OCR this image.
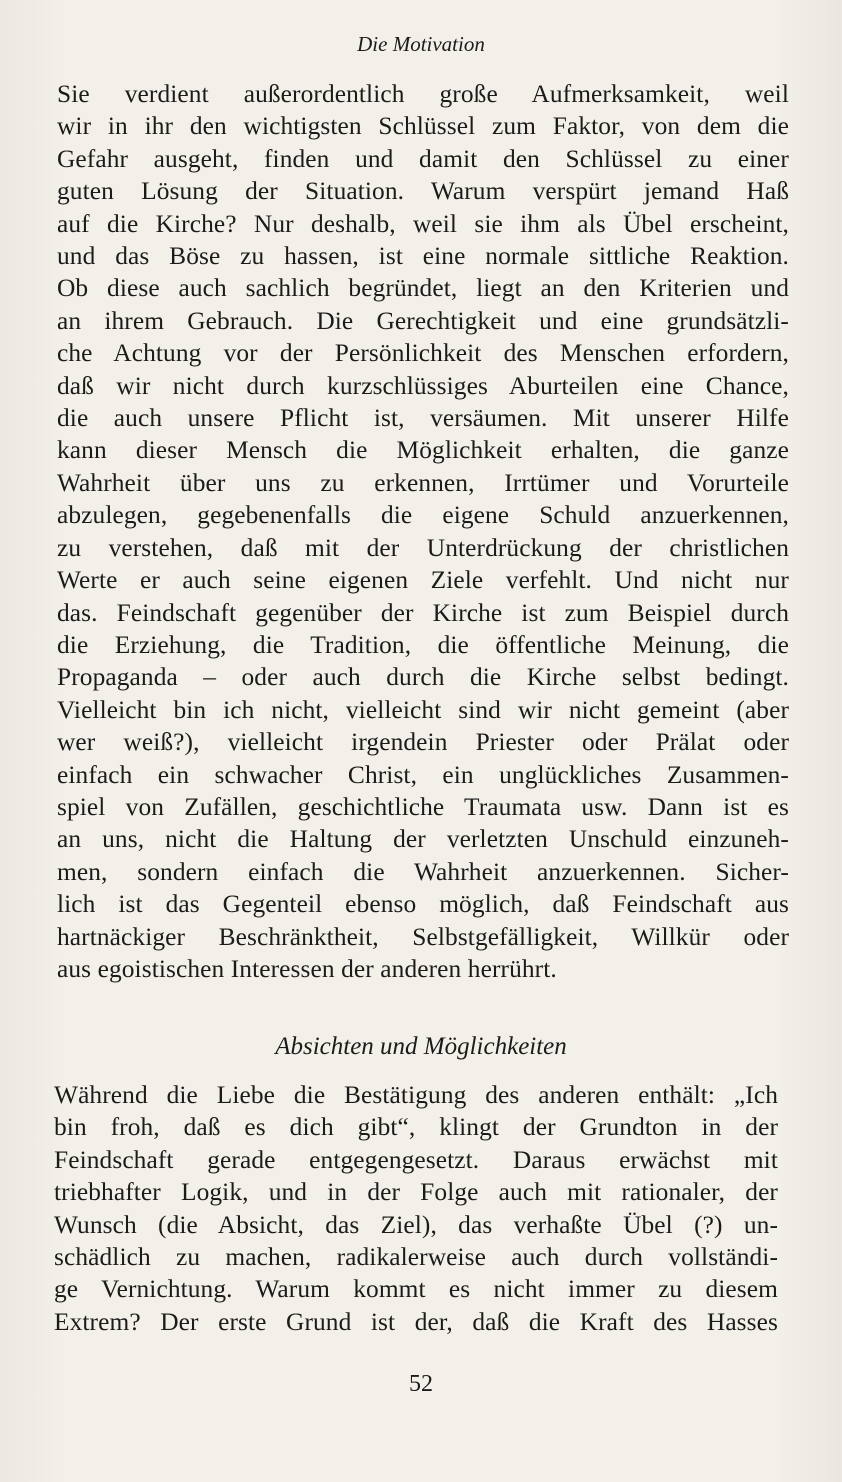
Die Motivation
Sie verdient außerordentlich große Aufmerksamkeit, weil
wir in ihr den wichtigsten Schlüssel zum Faktor, von dem die
Gefahr ausgeht, finden und damit den Schlüssel zu einer
guten Lösung der Situation. Warum verspürt jemand Haß
auf die Kirche? Nur deshalb, weil sie ihm als Übel erscheint,
und das Böse zu hassen, ist eine normale sittliche Reaktion.
Ob diese auch sachlich begründet, liegt an den Kriterien und
an ihrem Gebrauch. Die Gerechtigkeit und eine grundsätzli-
che Achtung vor der Persönlichkeit des Menschen erfordern,
daß wir nicht durch kurzschlüssiges Aburteilen eine Chance,
die auch unsere Pflicht ist, versäumen. Mit unserer Hilfe
kann dieser Mensch die Möglichkeit erhalten, die ganze
Wahrheit über uns zu erkennen, Irrtümer und Vorurteile
abzulegen, gegebenenfalls die eigene Schuld anzuerkennen,
zu verstehen, daß mit der Unterdrückung der christlichen
Werte er auch seine eigenen Ziele verfehlt. Und nicht nur
das. Feindschaft gegenüber der Kirche ist zum Beispiel durch
die Erziehung, die Tradition, die öffentliche Meinung, die
Propaganda – oder auch durch die Kirche selbst bedingt.
Vielleicht bin ich nicht, vielleicht sind wir nicht gemeint (aber
wer weiß?), vielleicht irgendein Priester oder Prälat oder
einfach ein schwacher Christ, ein unglückliches Zusammen-
spiel von Zufällen, geschichtliche Traumata usw. Dann ist es
an uns, nicht die Haltung der verletzten Unschuld einzuneh-
men, sondern einfach die Wahrheit anzuerkennen. Sicher-
lich ist das Gegenteil ebenso möglich, daß Feindschaft aus
hartnäckiger Beschränktheit, Selbstgefälligkeit, Willkür oder
aus egoistischen Interessen der anderen herrührt.
Absichten und Möglichkeiten
Während die Liebe die Bestätigung des anderen enthält: „Ich
bin froh, daß es dich gibt“, klingt der Grundton in der
Feindschaft gerade entgegengesetzt. Daraus erwächst mit
triebhafter Logik, und in der Folge auch mit rationaler, der
Wunsch (die Absicht, das Ziel), das verhaßte Übel (?) un-
schädlich zu machen, radikalerweise auch durch vollständi-
ge Vernichtung. Warum kommt es nicht immer zu diesem
Extrem? Der erste Grund ist der, daß die Kraft des Hasses
52
